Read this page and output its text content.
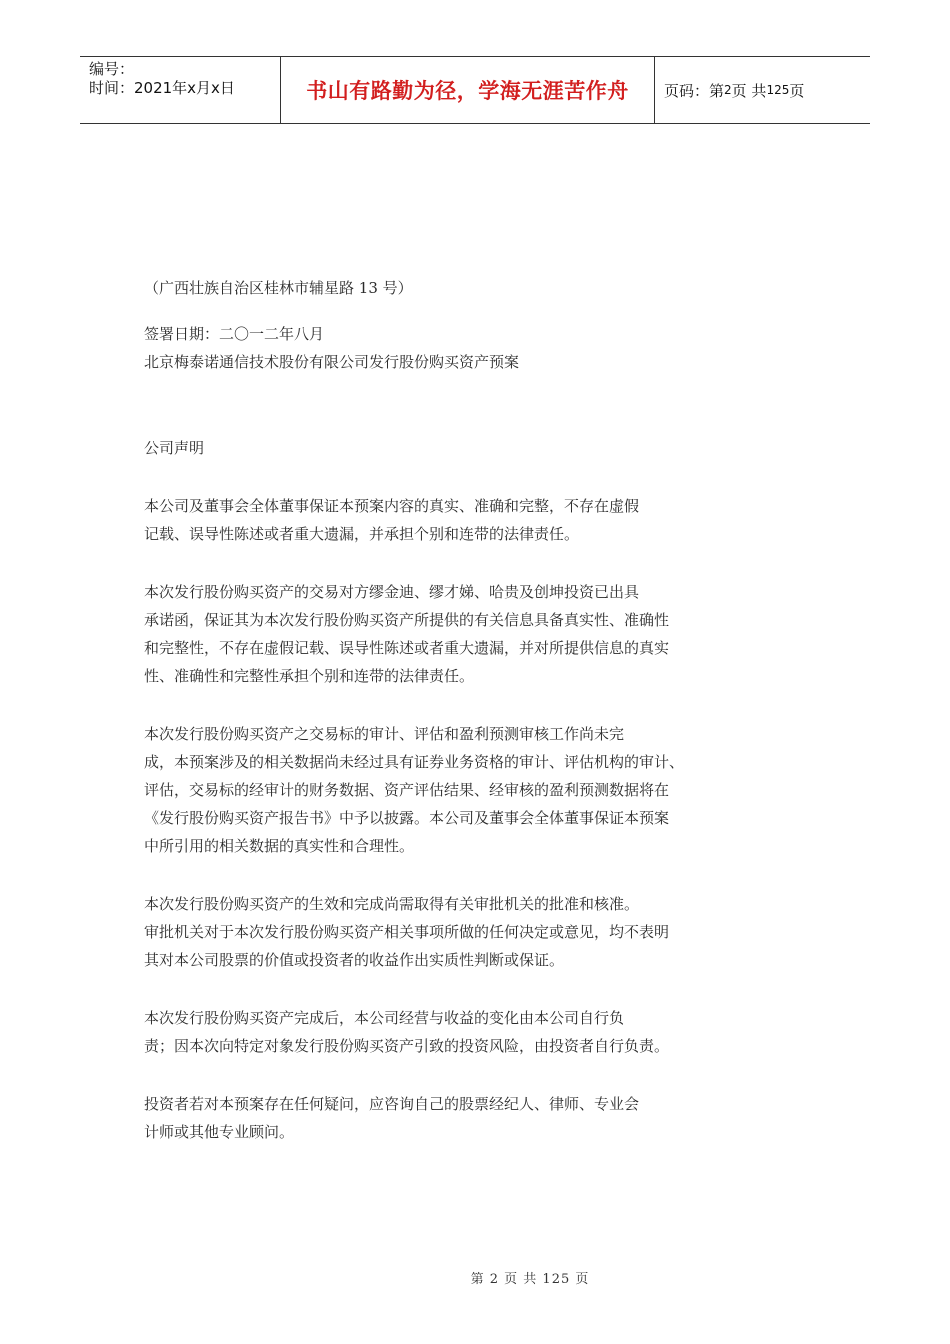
编号：
时间：2021年x月x日	书山有路勤为径，学海无涯苦作舟	页码：第 2 页 共 125 页

（广西壮族自治区桂林市辅星路 13 号）

签署日期：二〇一二年八月

北京梅泰诺通信技术股份有限公司发行股份购买资产预案

公司声明

本公司及董事会全体董事保证本预案内容的真实、准确和完整，不存在虚假
记载、误导性陈述或者重大遗漏，并承担个别和连带的法律责任。

本次发行股份购买资产的交易对方缪金迪、缪才娣、哈贵及创坤投资已出具
承诺函，保证其为本次发行股份购买资产所提供的有关信息具备真实性、准确性
和完整性，不存在虚假记载、误导性陈述或者重大遗漏，并对所提供信息的真实
性、准确性和完整性承担个别和连带的法律责任。

本次发行股份购买资产之交易标的审计、评估和盈利预测审核工作尚未完
成，本预案涉及的相关数据尚未经过具有证券业务资格的审计、评估机构的审计、
评估，交易标的经审计的财务数据、资产评估结果、经审核的盈利预测数据将在
《发行股份购买资产报告书》中予以披露。本公司及董事会全体董事保证本预案
中所引用的相关数据的真实性和合理性。

本次发行股份购买资产的生效和完成尚需取得有关审批机关的批准和核准。
审批机关对于本次发行股份购买资产相关事项所做的任何决定或意见，均不表明
其对本公司股票的价值或投资者的收益作出实质性判断或保证。

本次发行股份购买资产完成后，本公司经营与收益的变化由本公司自行负
责；因本次向特定对象发行股份购买资产引致的投资风险，由投资者自行负责。

投资者若对本预案存在任何疑问，应咨询自己的股票经纪人、律师、专业会
计师或其他专业顾问。

第 2 页 共 125 页
